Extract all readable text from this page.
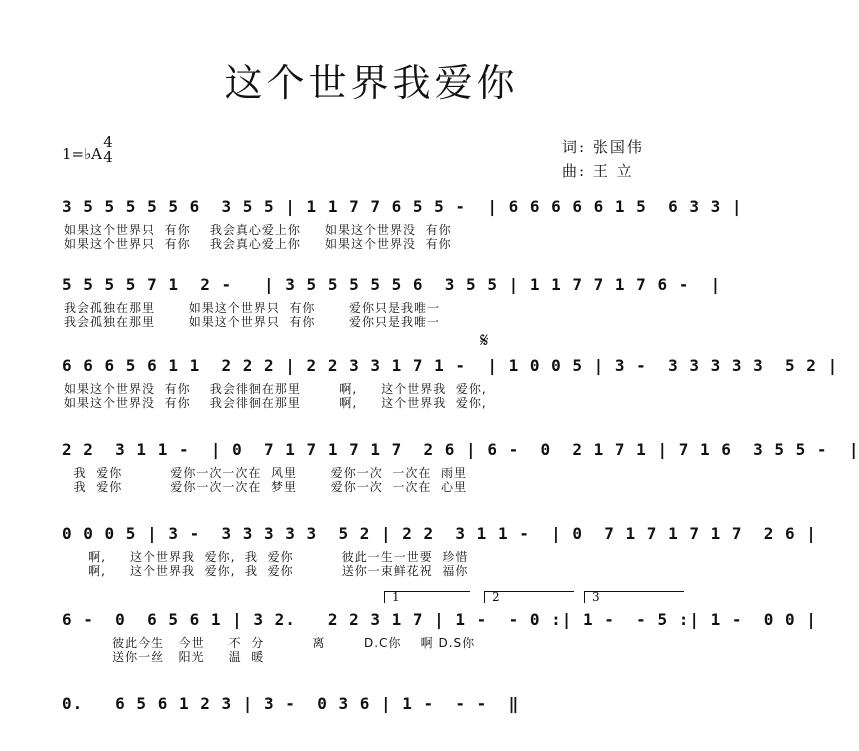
这个世界我爱你
1=♭A
4
4
词: 张国伟
曲: 王 立
3 5 5 5 5 5 6  3 5 5 | 1 1 7 7 6 5 5 -  | 6 6 6 6 6 1 5  6 3 3 |
如果这个世界只  有你    我会真心爱上你     如果这个世界没  有你
如果这个世界只  有你    我会真心爱上你     如果这个世界没  有你
5 5 5 5 7 1  2 -   | 3 5 5 5 5 5 6  3 5 5 | 1 1 7 7 1 7 6 -  |
我会孤独在那里       如果这个世界只  有你       爱你只是我唯一
我会孤独在那里       如果这个世界只  有你       爱你只是我唯一
𝄋
6 6 6 5 6 1 1  2 2 2 | 2 2 3 3 1 7 1 -  | 1 0 0 5 | 3 -  3 3 3 3 3  5 2 |
如果这个世界没  有你    我会徘徊在那里        啊,     这个世界我  爱你,
如果这个世界没  有你    我会徘徊在那里        啊,     这个世界我  爱你,
2 2  3 1 1 -  | 0  7 1 7 1 7 1 7  2 6 | 6 -  0  2 1 7 1 | 7 1 6  3 5 5 -  |
我  爱你          爱你一次一次在  风里       爱你一次  一次在  雨里
我  爱你          爱你一次一次在  梦里       爱你一次  一次在  心里
0 0 0 5 | 3 -  3 3 3 3 3  5 2 | 2 2  3 1 1 -  | 0  7 1 7 1 7 1 7  2 6 |
啊,     这个世界我  爱你,  我  爱你          彼此一生一世要  珍惜
啊,     这个世界我  爱你,  我  爱你          送你一束鲜花祝  福你
1	2	3
6 -  0  6 5 6 1 | 3 2.   2 2 3 1 7 | 1 -  - 0 :| 1 -  - 5 :| 1 -  0 0 |
彼此今生   今世     不  分          离        D.C你    啊 D.S你
送你一丝   阳光     温  暖
0.   6 5 6 1 2 3 | 3 -  0 3 6 | 1 -  - -  ‖
